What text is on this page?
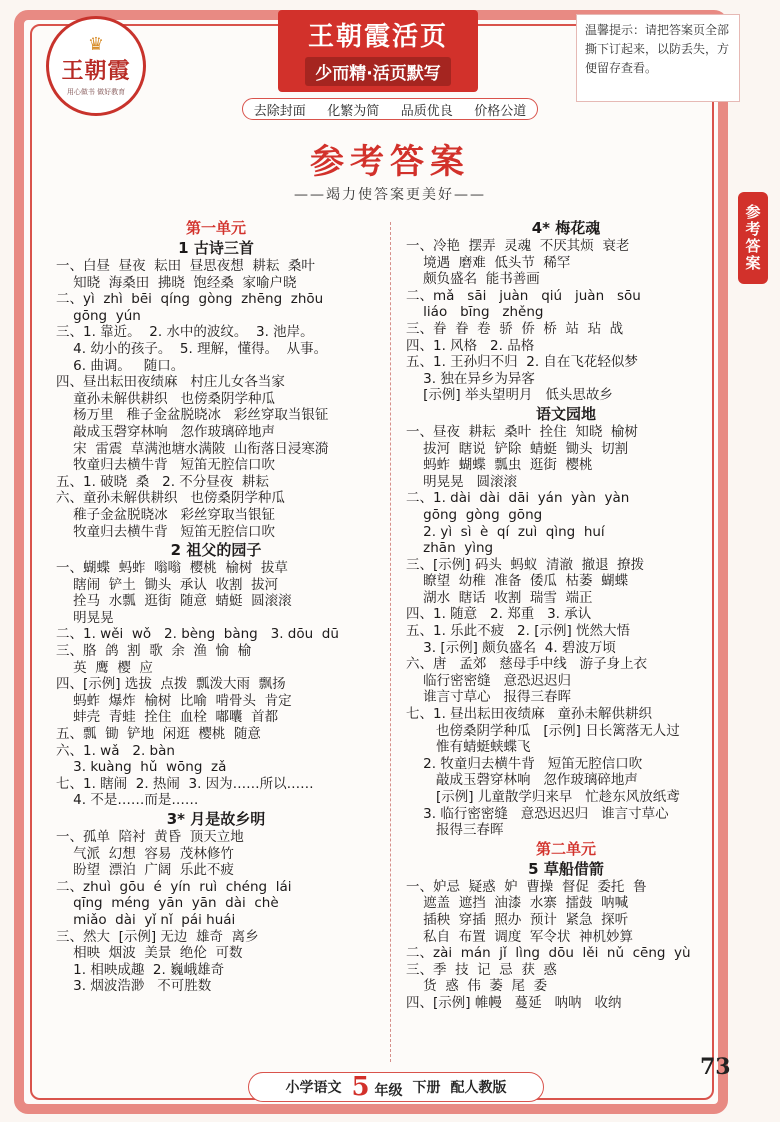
♛
王朝霞
用心做书 做好教育
王朝霞活页
少而精·活页默写
温馨提示：请把答案页全部撕下订起来，以防丢失，方便留存查看。
去除封面 化繁为简 品质优良 价格公道
参考答案
——竭力使答案更美好——
参考答案
第一单元
1 古诗三首
一、白昼  昼夜  耘田  昼思夜想  耕耘  桑叶
知晓  海桑田  拂晓  饱经桑  家喻户晓
二、yì  zhì  bēi  qíng  gòng  zhēng  zhōu
gōng  yún
三、1. 靠近。  2. 水中的波纹。  3. 池岸。
4. 幼小的孩子。  5. 理解，懂得。  从事。
6. 曲调。   随口。
四、昼出耘田夜绩麻   村庄儿女各当家
童孙未解供耕织   也傍桑阴学种瓜
杨万里   稚子金盆脱晓冰   彩丝穿取当银钲
敲成玉磬穿林响   忽作玻璃碎地声
宋  雷震  草满池塘水满陂  山衔落日浸寒漪
牧童归去横牛背   短笛无腔信口吹
五、1. 破晓  桑   2. 不分昼夜  耕耘
六、童孙未解供耕织   也傍桑阴学种瓜
稚子金盆脱晓冰   彩丝穿取当银钲
牧童归去横牛背   短笛无腔信口吹
2 祖父的园子
一、蝴蝶  蚂蚱  嗡嗡  樱桃  榆树  拔草
瞎闹  铲土  锄头  承认  收割  拔河
拴马  水瓢  逛街  随意  蜻蜓  圆滚滚
明晃晃
二、1. wěi  wǒ   2. bèng  bàng   3. dōu  dū
三、胳  鸽  割  歌  余  渔  愉  榆
英  鹰  樱  应
四、[示例] 选拔  点拨  瓢泼大雨  飘扬
蚂蚱  爆炸  榆树  比喻  啃骨头  肯定
蚌壳  青蛙  拴住  血栓  嘟囔  首都
五、瓢  锄  铲地  闲逛  樱桃  随意
六、1. wǎ   2. bàn
3. kuàng  hǔ  wōng  zǎ
七、1. 瞎闹  2. 热闹  3. 因为……所以……
4. 不是……而是……
3* 月是故乡明
一、孤单  陪衬  黄昏  顶天立地
气派  幻想  容易  茂林修竹
盼望  漂泊  广阔  乐此不疲
二、zhuì  gōu  é  yín  ruì  chéng  lái
qīng  méng  yān  yān  dài  chè
miǎo  dài  yǐ nǐ  pái huái
三、然大  [示例] 无边  雄奇  离乡
相映  烟波  美景  绝伦  可数
1. 相映成趣  2. 巍峨雄奇
3. 烟波浩渺   不可胜数
4* 梅花魂
一、冷艳  摆弄  灵魂  不厌其烦  衰老
境遇  磨难  低头节  稀罕
颇负盛名  能书善画
二、mǎ   sāi   juàn   qiú   juàn   sōu
liáo   bīng   zhěng
三、眷  眷  卷  骄  侨  桥  站  玷  战
四、1. 风格   2. 品格
五、1. 王孙归不归  2. 自在飞花轻似梦
3. 独在异乡为异客
[示例] 举头望明月   低头思故乡
语文园地
一、昼夜  耕耘  桑叶  拴住  知晓  榆树
拔河  瞎说  铲除  蜻蜓  锄头  切割
蚂蚱  蝴蝶  瓢虫  逛街  樱桃
明晃晃   圆滚滚
二、1. dài  dài  dāi  yán  yàn  yàn
gōng  gòng  gōng
2. yì  sì  è  qí  zuì  qìng  huí
zhān  yìng
三、[示例] 码头  蚂蚁  清澈  撤退  撩拨
瞭望  幼稚  准备  倭瓜  枯萎  蝴蝶
湖水  瞎话  收割  瑞雪  端正
四、1. 随意   2. 郑重   3. 承认
五、1. 乐此不疲   2. [示例] 恍然大悟
3. [示例] 颇负盛名  4. 碧波万顷
六、唐   孟郊   慈母手中线   游子身上衣
临行密密缝   意恐迟迟归
谁言寸草心   报得三春晖
七、1. 昼出耘田夜绩麻   童孙未解供耕织
也傍桑阴学种瓜   [示例] 日长篱落无人过
惟有蜻蜓蛱蝶飞
2. 牧童归去横牛背   短笛无腔信口吹
敲成玉磬穿林响   忽作玻璃碎地声
[示例] 儿童散学归来早   忙趁东风放纸鸢
3. 临行密密缝   意恐迟迟归   谁言寸草心
报得三春晖
第二单元
5 草船借箭
一、妒忌  疑惑  妒  曹操  督促  委托  鲁
遮盖  遮挡  油漆  水寨  擂鼓  呐喊
插秧  穿插  照办  预计  紧急  探听
私自  布置  调度  军令状  神机妙算
二、zài  mán  jǐ  lìng  dōu  lěi  nǔ  cēng  yù
三、季  技  记  忌  获  惑
货  惑  伟  萎  尾  委
四、[示例] 帷幔   蔓延   呐呐   收纳
小学语文 5 年级 下册 配人教版
73
